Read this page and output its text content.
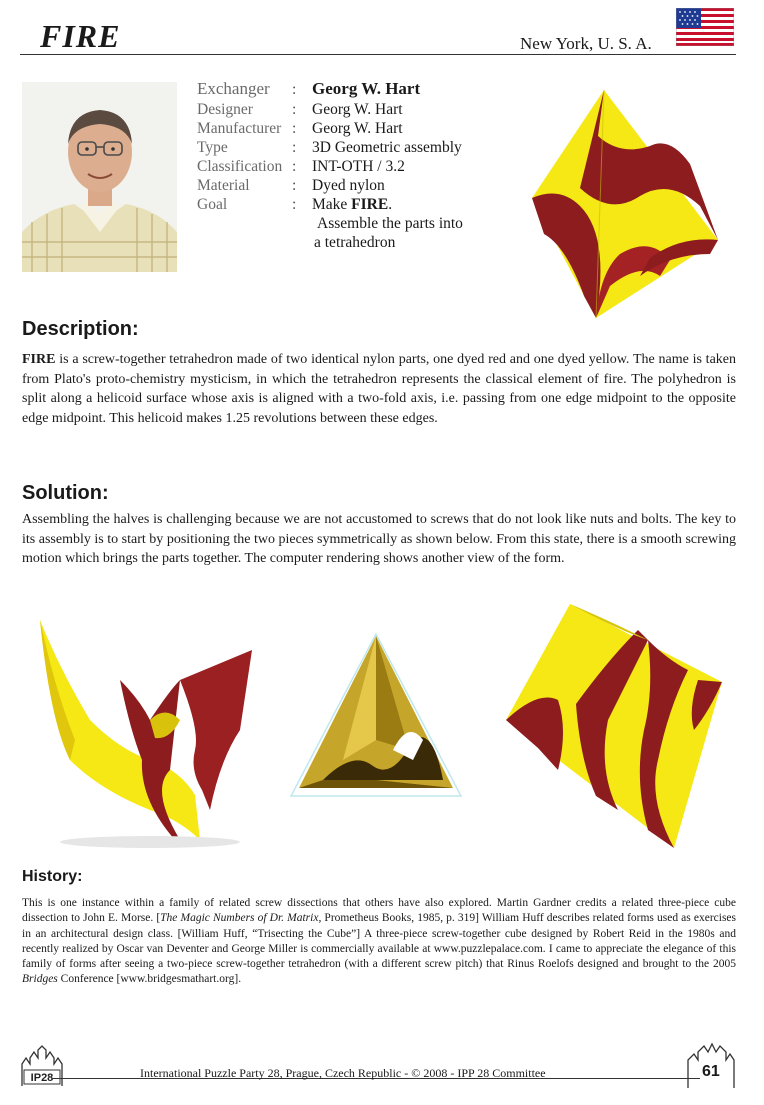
FIRE	New York, U. S. A.
Exchanger : Georg W. Hart
Designer	: Georg W. Hart
Manufacturer : Georg W. Hart
Type	: 3D Geometric assembly
Classification : INT-OTH / 3.2
Material	: Dyed nylon
Goal	: Make FIRE.
Assemble the parts into
a tetrahedron
Description:
FIRE is a screw-together tetrahedron made of two identical nylon parts, one dyed red and one dyed yellow. The name is taken from Plato's proto-chemistry mysticism, in which the tetrahedron represents the classical element of fire. The polyhedron is split along a helicoid surface whose axis is aligned with a two-fold axis, i.e. passing from one edge midpoint to the opposite edge midpoint. This helicoid makes 1.25 revolutions between these edges.
Solution:
Assembling the halves is challenging because we are not accustomed to screws that do not look like nuts and bolts. The key to its assembly is to start by positioning the two pieces symmetrically as shown below. From this state, there is a smooth screwing motion which brings the parts together. The computer rendering shows another view of the form.
History:
This is one instance within a family of related screw dissections that others have also explored. Martin Gardner credits a related three-piece cube dissection to John E. Morse. [The Magic Numbers of Dr. Matrix, Prometheus Books, 1985, p. 319] William Huff describes related forms used as exercises in an architectural design class. [William Huff, “Trisecting the Cube”] A three-piece screw-together cube designed by Robert Reid in the 1980s and recently realized by Oscar van Deventer and George Miller is commercially available at www.puzzlepalace.com. I came to appreciate the elegance of this family of forms after seeing a two-piece screw-together tetrahedron (with a different screw pitch) that Rinus Roelofs designed and brought to the 2005 Bridges Conference [www.bridgesmathart.org].
IP28	International Puzzle Party 28, Prague, Czech Republic - © 2008 - IPP 28 Committee	61
